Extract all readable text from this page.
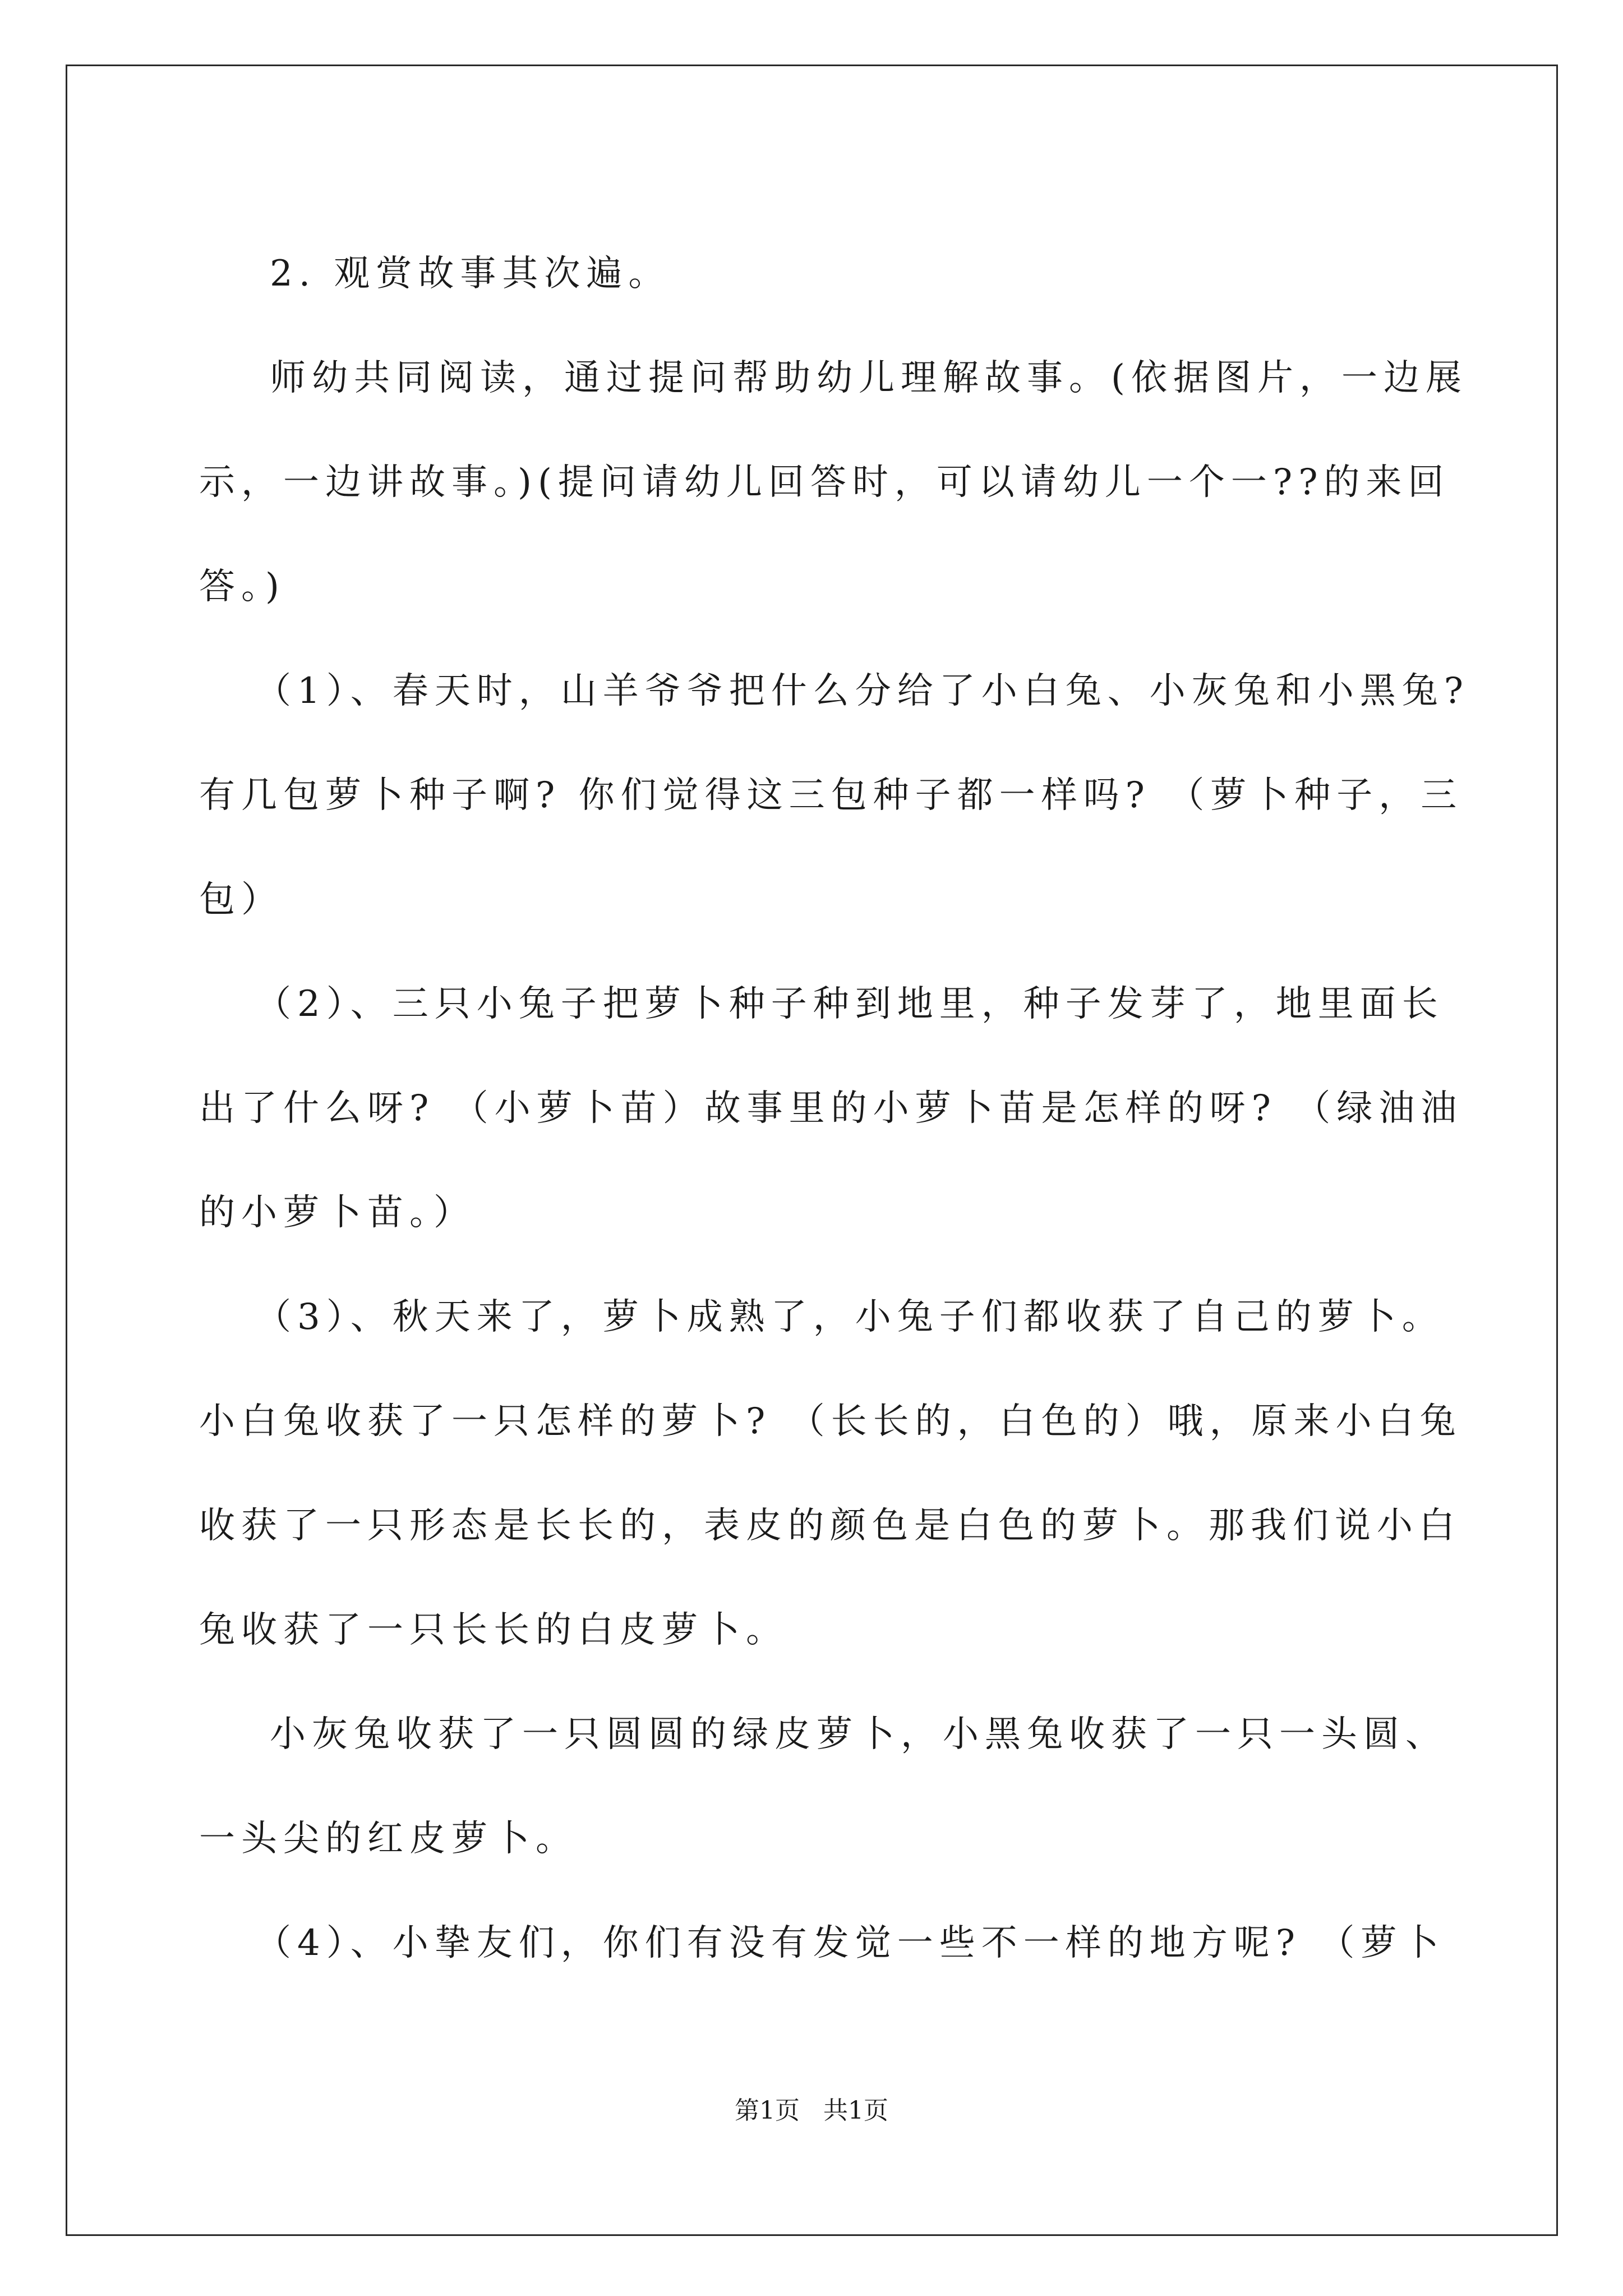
2. 观赏故事其次遍。

师幼共同阅读，通过提问帮助幼儿理解故事。(依据图片，一边展
示，一边讲故事。)(提问请幼儿回答时，可以请幼儿一个一??的来回
答。)

（1）、春天时，山羊爷爷把什么分给了小白兔、小灰兔和小黑兔?
有几包萝卜种子啊? 你们觉得这三包种子都一样吗? （萝卜种子，三
包）

（2）、三只小兔子把萝卜种子种到地里，种子发芽了，地里面长
出了什么呀? （小萝卜苗）故事里的小萝卜苗是怎样的呀? （绿油油
的小萝卜苗。）

（3）、秋天来了，萝卜成熟了，小兔子们都收获了自己的萝卜。
小白兔收获了一只怎样的萝卜? （长长的，白色的）哦，原来小白兔
收获了一只形态是长长的，表皮的颜色是白色的萝卜。那我们说小白
兔收获了一只长长的白皮萝卜。

小灰兔收获了一只圆圆的绿皮萝卜，小黑兔收获了一只一头圆、
一头尖的红皮萝卜。

（4）、小挚友们，你们有没有发觉一些不一样的地方呢? （萝卜

第1页 共1页
